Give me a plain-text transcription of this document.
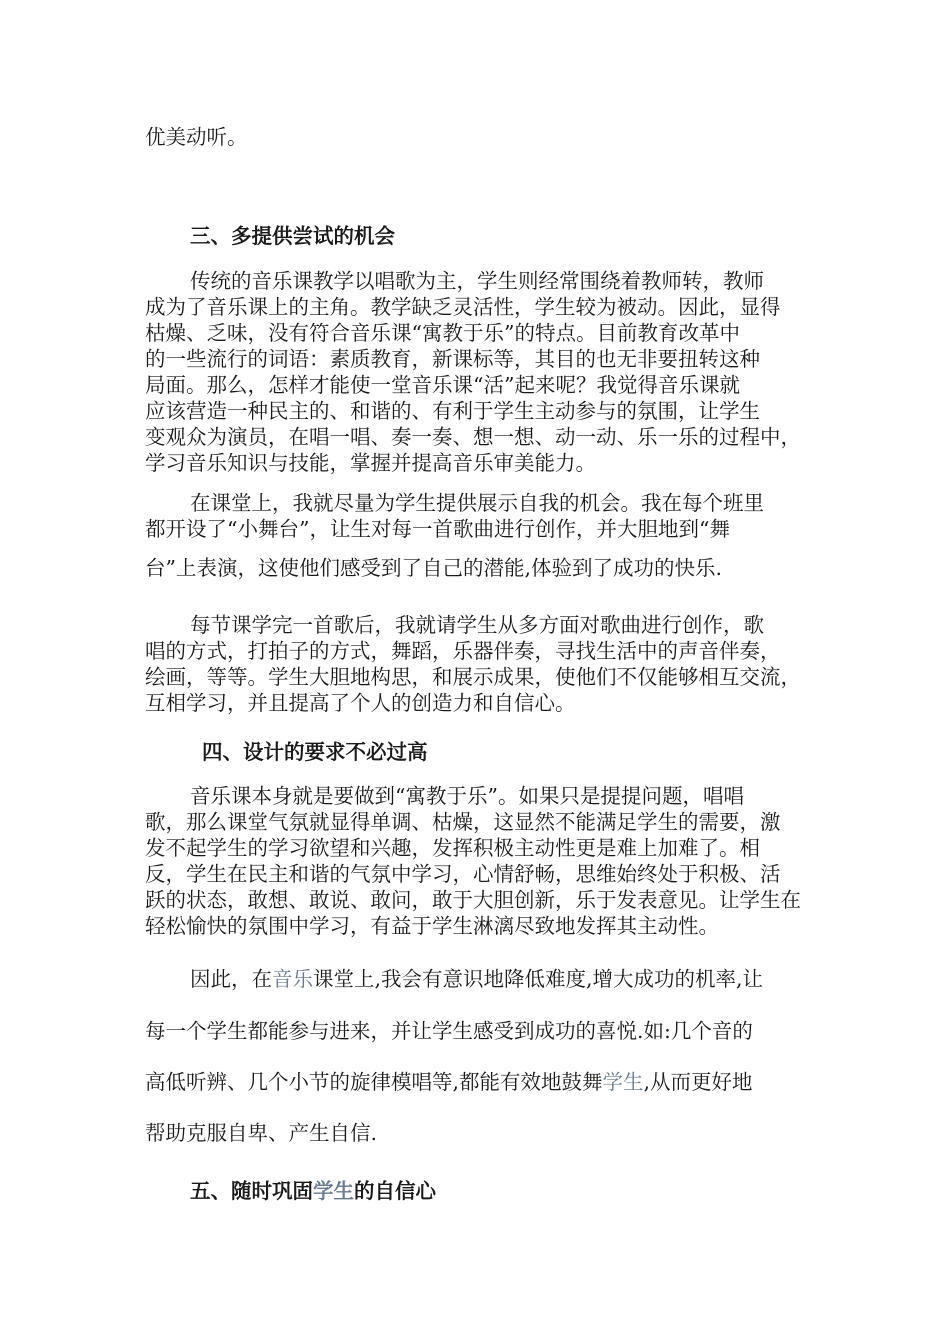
优美动听。

三、多提供尝试的机会

传统的音乐课教学以唱歌为主，学生则经常围绕着教师转，教师

成为了音乐课上的主角。教学缺乏灵活性，学生较为被动。因此，显得

枯燥、乏味，没有符合音乐课“寓教于乐”的特点。目前教育改革中

的一些流行的词语：素质教育，新课标等，其目的也无非要扭转这种

局面。那么，怎样才能使一堂音乐课“活”起来呢？我觉得音乐课就

应该营造一种民主的、和谐的、有利于学生主动参与的氛围，让学生

变观众为演员，在唱一唱、奏一奏、想一想、动一动、乐一乐的过程中，

学习音乐知识与技能，掌握并提高音乐审美能力。

在课堂上，我就尽量为学生提供展示自我的机会。我在每个班里

都开设了“小舞台”，让生对每一首歌曲进行创作，并大胆地到“舞

台”上表演，这使他们感受到了自己的潜能,体验到了成功的快乐.

每节课学完一首歌后，我就请学生从多方面对歌曲进行创作，歌

唱的方式，打拍子的方式，舞蹈，乐器伴奏，寻找生活中的声音伴奏，

绘画，等等。学生大胆地构思，和展示成果，使他们不仅能够相互交流，

互相学习，并且提高了个人的创造力和自信心。

四、设计的要求不必过高

音乐课本身就是要做到“寓教于乐”。如果只是提提问题，唱唱

歌，那么课堂气氛就显得单调、枯燥，这显然不能满足学生的需要，激

发不起学生的学习欲望和兴趣，发挥积极主动性更是难上加难了。相

反，学生在民主和谐的气氛中学习，心情舒畅，思维始终处于积极、活

跃的状态，敢想、敢说、敢问，敢于大胆创新，乐于发表意见。让学生在

轻松愉快的氛围中学习，有益于学生淋漓尽致地发挥其主动性。

因此，在音乐课堂上,我会有意识地降低难度,增大成功的机率,让

每一个学生都能参与进来，并让学生感受到成功的喜悦.如:几个音的

高低听辨、几个小节的旋律模唱等,都能有效地鼓舞学生,从而更好地

帮助克服自卑、产生自信.

五、随时巩固学生的自信心
